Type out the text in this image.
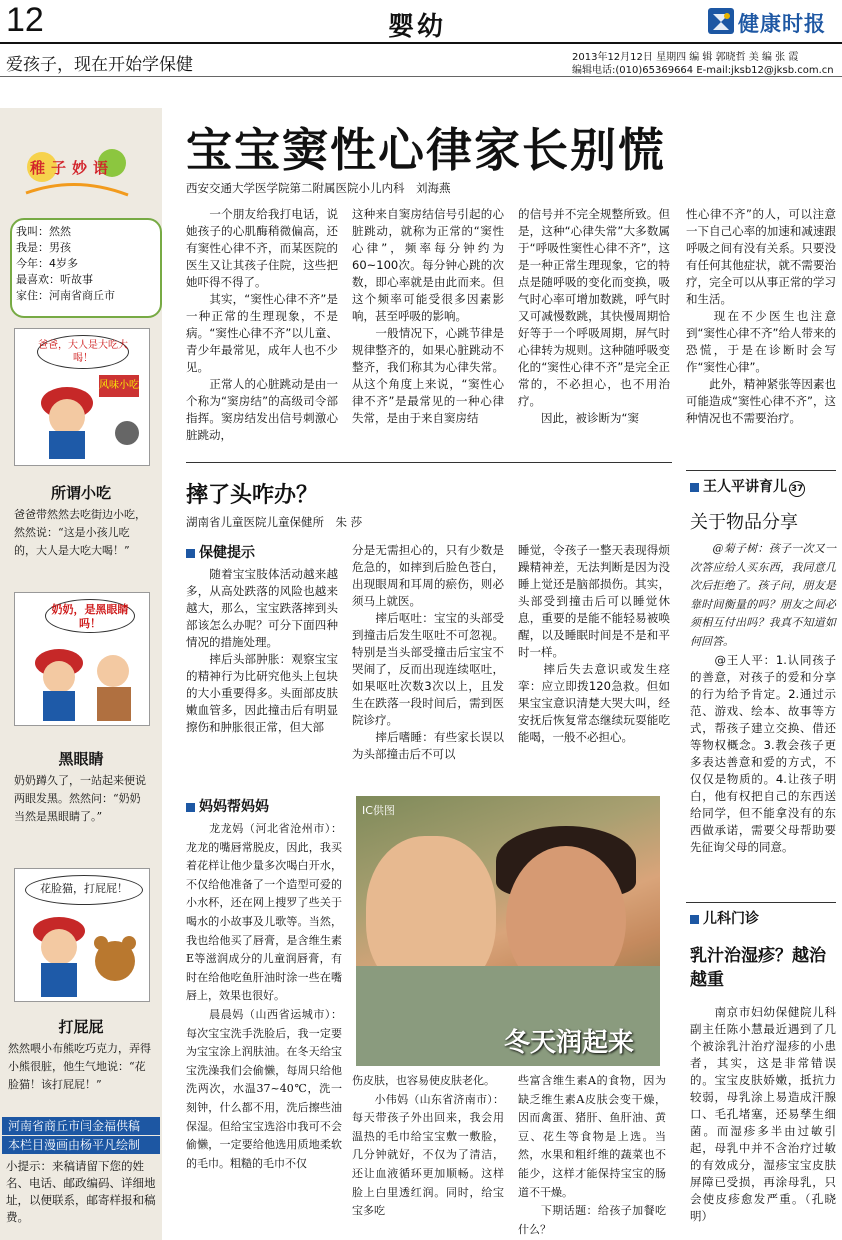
12	婴幼	健康时报
爱孩子，现在开始学保健	2013年12月12日 星期四 编 辑 郭晓哲 美 编 张 霞
编辑电话:(010)65369664 E-mail:jksb12@jksb.com.cn
稚子妙语
我叫：然然
我是：男孩
今年：4岁多
最喜欢：听故事
家住：河南省商丘市
爸爸，大人是大吃大喝！
风味小吃
所谓小吃
爸爸带然然去吃街边小吃，然然说：“这是小孩儿吃的，大人是大吃大喝！”
奶奶，是黑眼睛吗！
黑眼睛
奶奶蹲久了，一站起来便说两眼发黑。然然问：“奶奶当然是黑眼睛了。”
花脸猫，打屁屁！
打屁屁
然然喂小布熊吃巧克力，弄得小熊很脏，他生气地说：“花脸猫！该打屁屁！”
河南省商丘市闫金福供稿
本栏目漫画由杨平凡绘制
小提示：来稿请留下您的姓名、电话、邮政编码、详细地址，以便联系，邮寄样报和稿费。
宝宝窦性心律家长别慌
西安交通大学医学院第二附属医院小儿内科　刘海燕
　　一个朋友给我打电话，说她孩子的心肌酶稍微偏高，还有窦性心律不齐，而某医院的医生又让其孩子住院，这些把她吓得不得了。
　　其实，“窦性心律不齐”是一种正常的生理现象，不是病。“窦性心律不齐”以儿童、青少年最常见，成年人也不少见。
　　正常人的心脏跳动是由一个称为“窦房结”的高级司令部指挥。窦房结发出信号刺激心脏跳动，
这种来自窦房结信号引起的心脏跳动，就称为正常的“窦性心律”，频率每分钟约为60~100次。每分钟心跳的次数，即心率就是由此而来。但这个频率可能受很多因素影响，甚至呼吸的影响。
　　一般情况下，心跳节律是规律整齐的，如果心脏跳动不整齐，我们称其为心律失常。从这个角度上来说，“窦性心律不齐”是最常见的一种心律失常，是由于来自窦房结
的信号并不完全规整所致。但是，这种“心律失常”大多数属于“呼吸性窦性心律不齐”，这是一种正常生理现象，它的特点是随呼吸的变化而变换，吸气时心率可增加数跳，呼气时又可减慢数跳，其快慢周期恰好等于一个呼吸周期，屏气时心律转为规则。这种随呼吸变化的“窦性心律不齐”是完全正常的，不必担心，也不用治疗。
　　因此，被诊断为“窦
性心律不齐”的人，可以注意一下自己心率的加速和减速跟呼吸之间有没有关系。只要没有任何其他症状，就不需要治疗，完全可以从事正常的学习和生活。
　　现在不少医生也注意到“窦性心律不齐”给人带来的恐慌，于是在诊断时会写作“窦性心律”。
　　此外，精神紧张等因素也可能造成“窦性心律不齐”，这种情况也不需要治疗。
摔了头咋办？
湖南省儿童医院儿童保健所　朱 莎
保健提示
　　随着宝宝肢体活动越来越多，从高处跌落的风险也越来越大，那么，宝宝跌落摔到头部该怎么办呢？可分下面四种情况的措施处理。
　　摔后头部肿胀：观察宝宝的精神行为比研究他头上包块的大小重要得多。头面部皮肤嫩血管多，因此撞击后有明显擦伤和肿胀很正常，但大部
分是无需担心的，只有少数是危急的，如摔到后脸色苍白，出现眼周和耳周的瘀伤，则必须马上就医。
　　摔后呕吐：宝宝的头部受到撞击后发生呕吐不可忽视。特别是当头部受撞击后宝宝不哭闹了，反而出现连续呕吐，如果呕吐次数3次以上，且发生在跌落一段时间后，需到医院诊疗。
　　摔后嗜睡：有些家长误以为头部撞击后不可以
睡觉，令孩子一整天表现得烦躁精神差，无法判断是因为没睡上觉还是脑部损伤。其实，头部受到撞击后可以睡觉休息，重要的是能不能轻易被唤醒，以及睡眠时间是不是和平时一样。
　　摔后失去意识或发生痉挛：应立即拨120急救。但如果宝宝意识清楚大哭大叫，经安抚后恢复常态继续玩耍能吃能喝，一般不必担心。
妈妈帮妈妈
　　龙龙妈（河北省沧州市）：龙龙的嘴唇常脱皮，因此，我买着花样让他少量多次喝白开水，不仅给他准备了一个造型可爱的小水杯，还在网上搜罗了些关于喝水的小故事及儿歌等。当然，我也给他买了唇膏，是含维生素E等滋润成分的儿童润唇膏，有时在给他吃鱼肝油时涂一些在嘴唇上，效果也很好。
　　晨晨妈（山西省运城市）：每次宝宝洗手洗脸后，我一定要为宝宝涂上润肤油。在冬天给宝宝洗澡我们会偷懒，每周只给他洗两次，水温37~40℃，洗一刻钟，什么都不用，洗后擦些油保湿。但给宝宝选浴巾我可不会偷懒，一定要给他选用质地柔软的毛巾。粗糙的毛巾不仅
伤皮肤，也容易使皮肤老化。
　　小伟妈（山东省济南市）：每天带孩子外出回来，我会用温热的毛巾给宝宝敷一敷脸，几分钟就好，不仅为了清洁，还让血液循环更加顺畅。这样脸上白里透红润。同时，给宝宝多吃
些富含维生素A的食物，因为缺乏维生素A皮肤会变干燥，因而禽蛋、猪肝、鱼肝油、黄豆、花生等食物是上选。当然，水果和粗纤维的蔬菜也不能少，这样才能保持宝宝的肠道不干燥。
　　下期话题：给孩子加餐吃什么？
IC供图
冬天润起来
王人平讲育儿 37
关于物品分享
　　@菊子树：孩子一次又一次答应给人买东西，我同意几次后拒绝了。孩子问，朋友是靠时间衡量的吗？朋友之间必须相互付出吗？我真不知道如何回答。
　　@王人平：1.认同孩子的善意，对孩子的爱和分享的行为给予肯定。2.通过示范、游戏、绘本、故事等方式，帮孩子建立交换、借还等物权概念。3.教会孩子更多表达善意和爱的方式，不仅仅是物质的。4.让孩子明白，他有权把自己的东西送给同学，但不能拿没有的东西做承诺，需要父母帮助要先征询父母的同意。
儿科门诊
乳汁治湿疹？越治越重
　　南京市妇幼保健院儿科副主任陈小慧最近遇到了几个被涂乳汁治疗湿疹的小患者，其实，这是非常错误的。宝宝皮肤娇嫩，抵抗力较弱，母乳涂上易造成汗腺口、毛孔堵塞，还易孳生细菌。而湿疹多半由过敏引起，母乳中并不含治疗过敏的有效成分，湿疹宝宝皮肤屏障已受损，再涂母乳，只会使皮疹愈发严重。（孔晓明）
